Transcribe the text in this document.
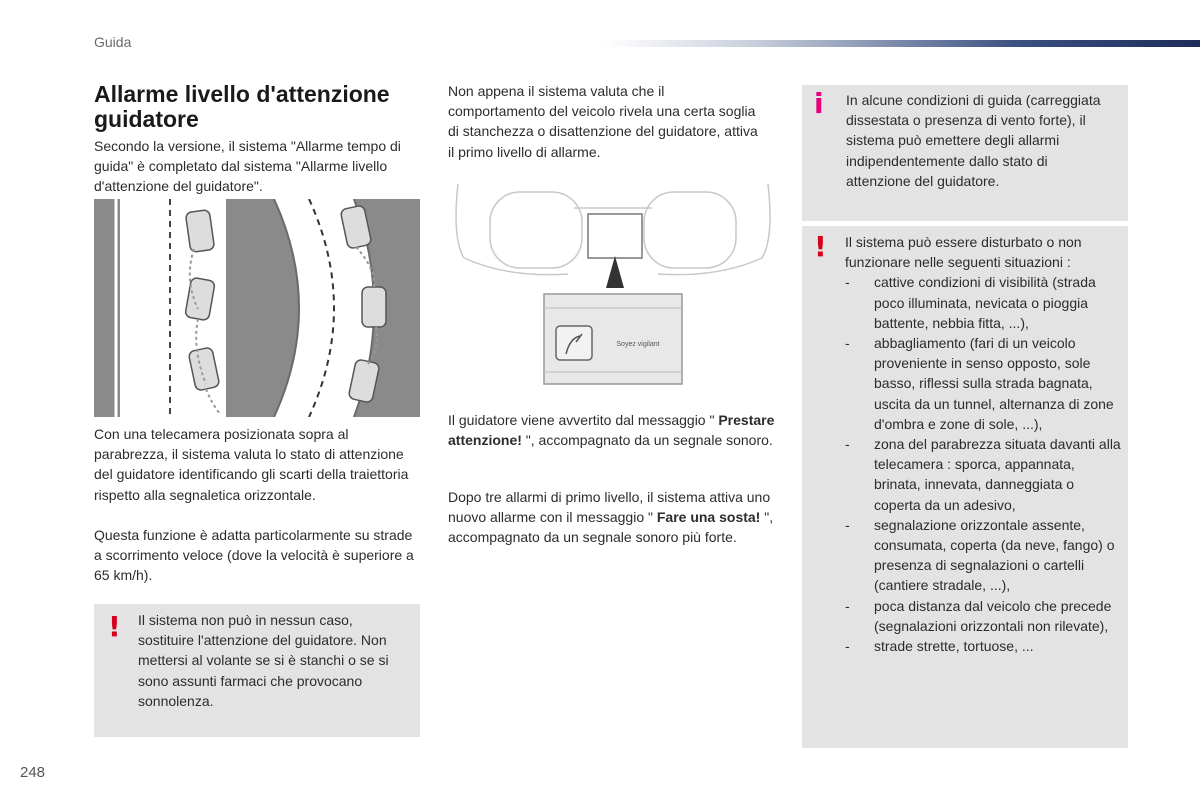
Guida
Allarme livello d'attenzione guidatore
Secondo la versione, il sistema "Allarme tempo di guida" è completato dal sistema "Allarme livello d'attenzione del guidatore".
Con una telecamera posizionata sopra al parabrezza, il sistema valuta lo stato di attenzione del guidatore identificando gli scarti della traiettoria rispetto alla segnaletica orizzontale.
Questa funzione è adatta particolarmente su strade a scorrimento veloce (dove la velocità è superiore a 65 km/h).
! Il sistema non può in nessun caso, sostituire l'attenzione del guidatore. Non mettersi al volante se si è stanchi o se si sono assunti farmaci che provocano sonnolenza.
Non appena il sistema valuta che il comportamento del veicolo rivela una certa soglia di stanchezza o disattenzione del guidatore, attiva il primo livello di allarme.
Soyez vigilant
Il guidatore viene avvertito dal messaggio " Prestare attenzione! ", accompagnato da un segnale sonoro.
Dopo tre allarmi di primo livello, il sistema attiva uno nuovo allarme con il messaggio " Fare una sosta! ", accompagnato da un segnale sonoro più forte.
i In alcune condizioni di guida (carreggiata dissestata o presenza di vento forte), il sistema può emettere degli allarmi indipendentemente dallo stato di attenzione del guidatore.
! Il sistema può essere disturbato o non funzionare nelle seguenti situazioni :
- cattive condizioni di visibilità (strada poco illuminata, nevicata o pioggia battente, nebbia fitta, ...),
- abbagliamento (fari di un veicolo proveniente in senso opposto, sole basso, riflessi sulla strada bagnata, uscita da un tunnel, alternanza di zone d'ombra e zone di sole, ...),
- zona del parabrezza situata davanti alla telecamera : sporca, appannata, brinata, innevata, danneggiata o coperta da un adesivo,
- segnalazione orizzontale assente, consumata, coperta (da neve, fango) o presenza di segnalazioni o cartelli (cantiere stradale, ...),
- poca distanza dal veicolo che precede (segnalazioni orizzontali non rilevate),
- strade strette, tortuose, ...
248
